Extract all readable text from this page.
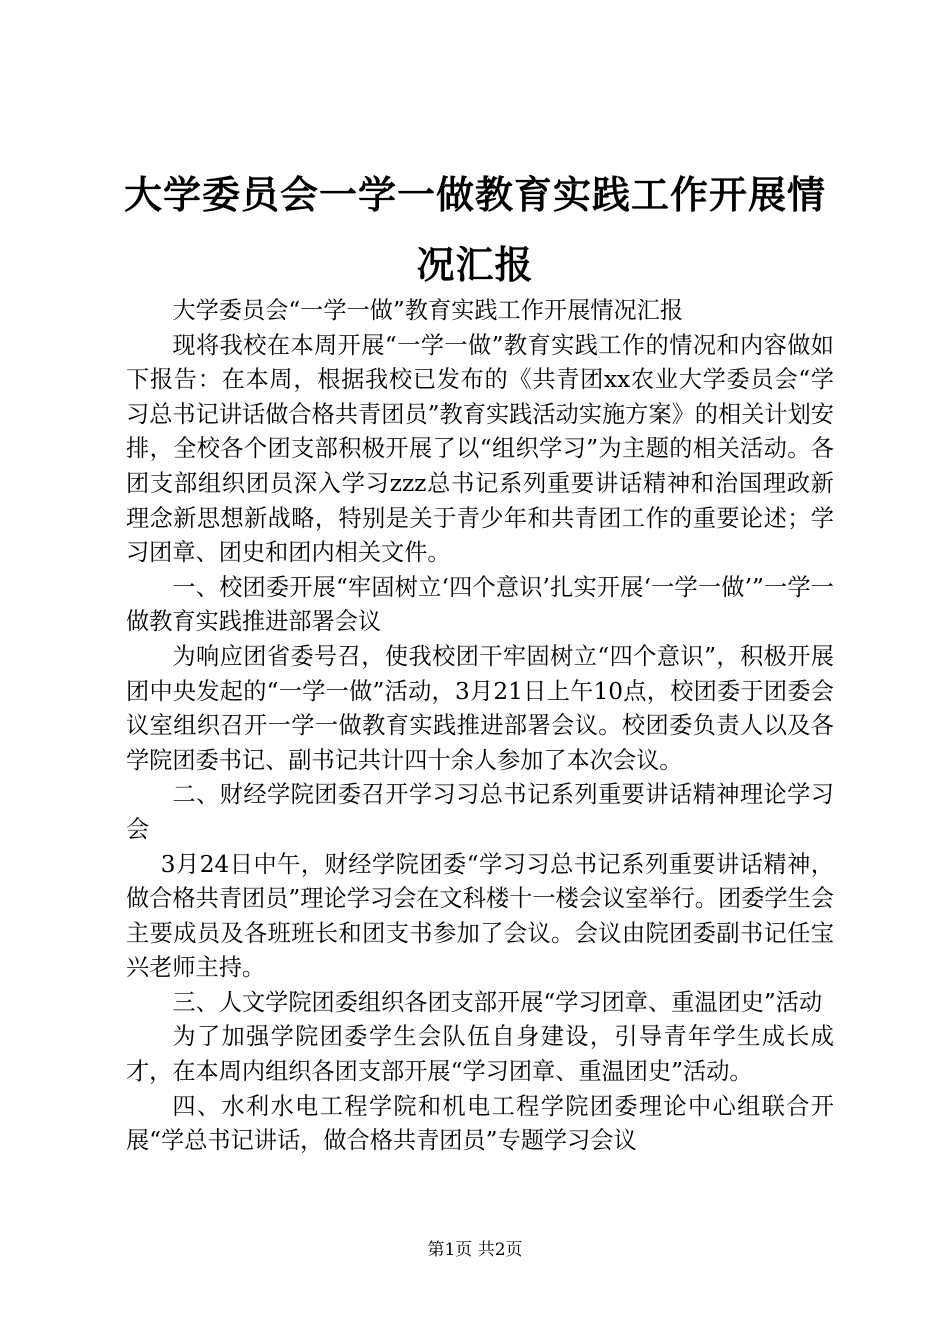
大学委员会一学一做教育实践工作开展情况汇报

大学委员会“一学一做”教育实践工作开展情况汇报

现将我校在本周开展“一学一做”教育实践工作的情况和内容做如下报告：在本周，根据我校已发布的《共青团xx农业大学委员会“学习总书记讲话做合格共青团员”教育实践活动实施方案》的相关计划安排，全校各个团支部积极开展了以“组织学习”为主题的相关活动。各团支部组织团员深入学习zzz总书记系列重要讲话精神和治国理政新理念新思想新战略，特别是关于青少年和共青团工作的重要论述；学习团章、团史和团内相关文件。

一、校团委开展“牢固树立‘四个意识’扎实开展‘一学一做’”一学一做教育实践推进部署会议

为响应团省委号召，使我校团干牢固树立“四个意识”，积极开展团中央发起的“一学一做”活动，3月21日上午10点，校团委于团委会议室组织召开一学一做教育实践推进部署会议。校团委负责人以及各学院团委书记、副书记共计四十余人参加了本次会议。

二、财经学院团委召开学习习总书记系列重要讲话精神理论学习会

3月24日中午，财经学院团委“学习习总书记系列重要讲话精神，做合格共青团员”理论学习会在文科楼十一楼会议室举行。团委学生会主要成员及各班班长和团支书参加了会议。会议由院团委副书记任宝兴老师主持。

三、人文学院团委组织各团支部开展“学习团章、重温团史”活动

为了加强学院团委学生会队伍自身建设，引导青年学生成长成才，在本周内组织各团支部开展“学习团章、重温团史”活动。

四、水利水电工程学院和机电工程学院团委理论中心组联合开展“学总书记讲话，做合格共青团员”专题学习会议

第1页 共2页
